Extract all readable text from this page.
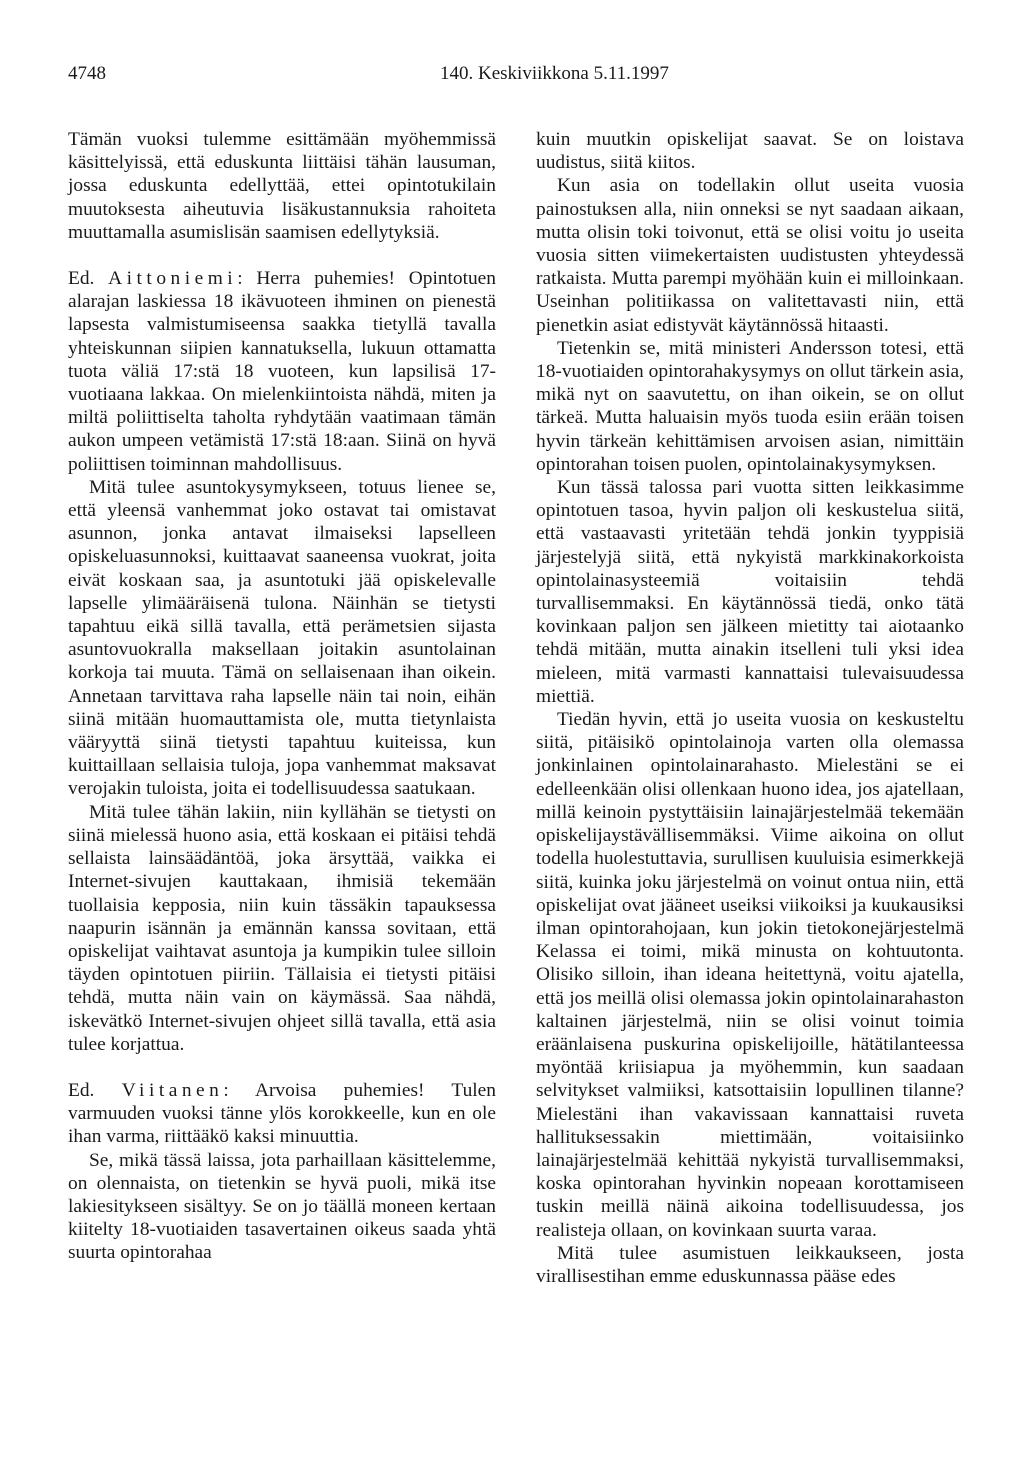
4748	140. Keskiviikkona 5.11.1997

Tämän vuoksi tulemme esittämään myöhemmissä käsittelyissä, että eduskunta liittäisi tähän lausuman, jossa eduskunta edellyttää, ettei opintotukilain muutoksesta aiheutuvia lisäkustannuksia rahoiteta muuttamalla asumislisän saamisen edellytyksiä.

Ed. Aittoniemi: Herra puhemies! Opintotuen alarajan laskiessa 18 ikävuoteen ihminen on pienestä lapsesta valmistumiseensa saakka tietyllä tavalla yhteiskunnan siipien kannatuksella, lukuun ottamatta tuota väliä 17:stä 18 vuoteen, kun lapsilisä 17-vuotiaana lakkaa. On mielenkiintoista nähdä, miten ja miltä poliittiselta taholta ryhdytään vaatimaan tämän aukon umpeen vetämistä 17:stä 18:aan. Siinä on hyvä poliittisen toiminnan mahdollisuus.

Mitä tulee asuntokysymykseen, totuus lienee se, että yleensä vanhemmat joko ostavat tai omistavat asunnon, jonka antavat ilmaiseksi lapselleen opiskeluasunnoksi, kuittaavat saaneensa vuokrat, joita eivät koskaan saa, ja asuntotuki jää opiskelevalle lapselle ylimääräisenä tulona. Näinhän se tietysti tapahtuu eikä sillä tavalla, että perämetsien sijasta asuntovuokralla maksellaan joitakin asuntolainan korkoja tai muuta. Tämä on sellaisenaan ihan oikein. Annetaan tarvittava raha lapselle näin tai noin, eihän siinä mitään huomauttamista ole, mutta tietynlaista vääryyttä siinä tietysti tapahtuu kuiteissa, kun kuittaillaan sellaisia tuloja, jopa vanhemmat maksavat verojakin tuloista, joita ei todellisuudessa saatukaan.

Mitä tulee tähän lakiin, niin kyllähän se tietysti on siinä mielessä huono asia, että koskaan ei pitäisi tehdä sellaista lainsäädäntöä, joka ärsyttää, vaikka ei Internet-sivujen kauttakaan, ihmisiä tekemään tuollaisia kepposia, niin kuin tässäkin tapauksessa naapurin isännän ja emännän kanssa sovitaan, että opiskelijat vaihtavat asuntoja ja kumpikin tulee silloin täyden opintotuen piiriin. Tällaisia ei tietysti pitäisi tehdä, mutta näin vain on käymässä. Saa nähdä, iskevätkö Internet-sivujen ohjeet sillä tavalla, että asia tulee korjattua.

Ed. Viitanen: Arvoisa puhemies! Tulen varmuuden vuoksi tänne ylös korokkeelle, kun en ole ihan varma, riittääkö kaksi minuuttia.

Se, mikä tässä laissa, jota parhaillaan käsittelemme, on olennaista, on tietenkin se hyvä puoli, mikä itse lakiesitykseen sisältyy. Se on jo täällä moneen kertaan kiitelty 18-vuotiaiden tasavertainen oikeus saada yhtä suurta opintorahaa

kuin muutkin opiskelijat saavat. Se on loistava uudistus, siitä kiitos.

Kun asia on todellakin ollut useita vuosia painostuksen alla, niin onneksi se nyt saadaan aikaan, mutta olisin toki toivonut, että se olisi voitu jo useita vuosia sitten viimekertaisten uudistusten yhteydessä ratkaista. Mutta parempi myöhään kuin ei milloinkaan. Useinhan politiikassa on valitettavasti niin, että pienetkin asiat edistyvät käytännössä hitaasti.

Tietenkin se, mitä ministeri Andersson totesi, että 18-vuotiaiden opintorahakysymys on ollut tärkein asia, mikä nyt on saavutettu, on ihan oikein, se on ollut tärkeä. Mutta haluaisin myös tuoda esiin erään toisen hyvin tärkeän kehittämisen arvoisen asian, nimittäin opintorahan toisen puolen, opintolainakysymyksen.

Kun tässä talossa pari vuotta sitten leikkasimme opintotuen tasoa, hyvin paljon oli keskustelua siitä, että vastaavasti yritetään tehdä jonkin tyyppisiä järjestelyjä siitä, että nykyistä markkinakorkoista opintolainasysteemiä voitaisiin tehdä turvallisemmaksi. En käytännössä tiedä, onko tätä kovinkaan paljon sen jälkeen mietitty tai aiotaanko tehdä mitään, mutta ainakin itselleni tuli yksi idea mieleen, mitä varmasti kannattaisi tulevaisuudessa miettiä.

Tiedän hyvin, että jo useita vuosia on keskusteltu siitä, pitäisikö opintolainoja varten olla olemassa jonkinlainen opintolainarahasto. Mielestäni se ei edelleenkään olisi ollenkaan huono idea, jos ajatellaan, millä keinoin pystyttäisiin lainajärjestelmää tekemään opiskelijaystävällisemmäksi. Viime aikoina on ollut todella huolestuttavia, surullisen kuuluisia esimerkkejä siitä, kuinka joku järjestelmä on voinut ontua niin, että opiskelijat ovat jääneet useiksi viikoiksi ja kuukausiksi ilman opintorahojaan, kun jokin tietokonejärjestelmä Kelassa ei toimi, mikä minusta on kohtuutonta. Olisiko silloin, ihan ideana heitettynä, voitu ajatella, että jos meillä olisi olemassa jokin opintolainarahaston kaltainen järjestelmä, niin se olisi voinut toimia eräänlaisena puskurina opiskelijoille, hätätilanteessa myöntää kriisiapua ja myöhemmin, kun saadaan selvitykset valmiiksi, katsottaisiin lopullinen tilanne? Mielestäni ihan vakavissaan kannattaisi ruveta hallituksessakin miettimään, voitaisiinko lainajärjestelmää kehittää nykyistä turvallisemmaksi, koska opintorahan hyvinkin nopeaan korottamiseen tuskin meillä näinä aikoina todellisuudessa, jos realisteja ollaan, on kovinkaan suurta varaa.

Mitä tulee asumistuen leikkaukseen, josta virallisestihan emme eduskunnassa pääse edes
